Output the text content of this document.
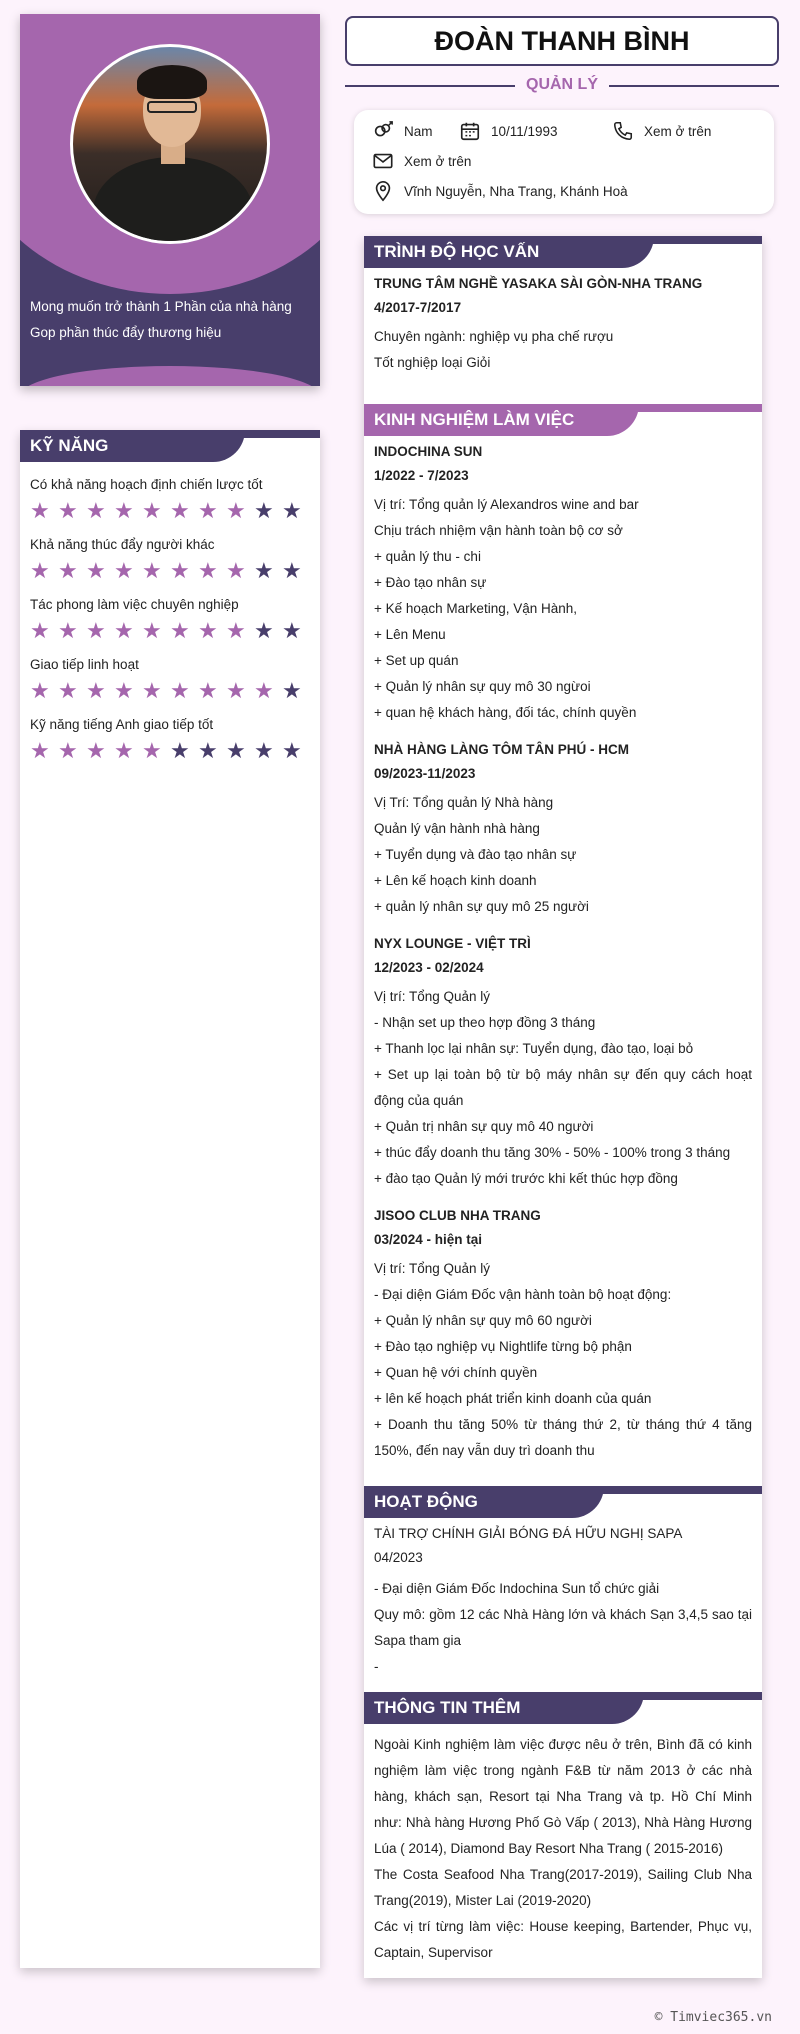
Mong muốn trở thành 1 Phần của nhà hàng
Gop phần thúc đẩy thương hiệu
KỸ NĂNG
Có khả năng hoạch định chiến lược tốt
★ ★ ★ ★ ★ ★ ★ ★ ★ ★
Khả năng thúc đẩy người khác
★ ★ ★ ★ ★ ★ ★ ★ ★ ★
Tác phong làm việc chuyên nghiệp
★ ★ ★ ★ ★ ★ ★ ★ ★ ★
Giao tiếp linh hoạt
★ ★ ★ ★ ★ ★ ★ ★ ★ ★
Kỹ năng tiếng Anh giao tiếp tốt
★ ★ ★ ★ ★ ★ ★ ★ ★ ★
ĐOÀN THANH BÌNH
QUẢN LÝ
Nam	10/11/1993	Xem ở trên
Xem ở trên
Vĩnh Nguyễn, Nha Trang, Khánh Hoà
TRÌNH ĐỘ HỌC VẤN
TRUNG TÂM NGHỀ YASAKA SÀI GÒN-NHA TRANG
4/2017-7/2017

Chuyên ngành: nghiệp vụ pha chế rượu

Tốt nghiệp loại Giỏi

KINH NGHIỆM LÀM VIỆC
INDOCHINA SUN
1/2022 - 7/2023

Vị trí: Tổng quản lý Alexandros wine and bar

Chịu trách nhiệm vận hành toàn bộ cơ sở

+ quản lý thu - chi

+ Đào tạo nhân sự

+ Kế hoạch Marketing, Vận Hành,

+ Lên Menu

+ Set up quán

+ Quản lý nhân sự quy mô 30 ngừoi

+ quan hệ khách hàng, đối tác, chính quyền

NHÀ HÀNG LÀNG TÔM TÂN PHÚ - HCM
09/2023-11/2023

Vị Trí: Tổng quản lý Nhà hàng

Quản lý vận hành nhà hàng

+ Tuyển dụng và đào tạo nhân sự

+ Lên kế hoạch kinh doanh

+ quản lý nhân sự quy mô 25 người

NYX LOUNGE - VIỆT TRÌ
12/2023 - 02/2024

Vị trí: Tổng Quản lý

- Nhận set up theo hợp đồng 3 tháng

+ Thanh lọc lại nhân sự: Tuyển dụng, đào tạo, loại bỏ

+ Set up lại toàn bộ từ bộ máy nhân sự đến quy cách hoạt động của quán

+ Quản trị nhân sự quy mô 40 người

+ thúc đẩy doanh thu tăng 30% - 50% - 100% trong 3 tháng

+ đào tạo Quản lý mới trước khi kết thúc hợp đồng

JISOO CLUB NHA TRANG
03/2024 - hiện tại

Vị trí: Tổng Quản lý

- Đại diện Giám Đốc vận hành toàn bộ hoạt động:

+ Quản lý nhân sự quy mô 60 người

+ Đào tạo nghiệp vụ Nightlife từng bộ phận

+ Quan hệ với chính quyền

+ lên kế hoạch phát triển kinh doanh của quán

+ Doanh thu tăng 50% từ tháng thứ 2, từ tháng thứ 4 tăng 150%, đến nay vẫn duy trì doanh thu

HOẠT ĐỘNG

TÀI TRỢ CHÍNH GIẢI BÓNG ĐÁ HỮU NGHỊ SAPA

04/2023

- Đại diện Giám Đốc Indochina Sun tổ chức giải

Quy mô: gồm 12 các Nhà Hàng lớn và khách Sạn 3,4,5 sao tại Sapa tham gia

-

THÔNG TIN THÊM

Ngoài Kinh nghiệm làm việc được nêu ở trên, Bình đã có kinh nghiệm làm việc trong ngành F&B từ năm 2013 ở các nhà hàng, khách sạn, Resort tại Nha Trang và tp. Hồ Chí Minh như: Nhà hàng Hương Phố Gò Vấp ( 2013), Nhà Hàng Hương Lúa ( 2014), Diamond Bay Resort Nha Trang ( 2015-2016)

The Costa Seafood Nha Trang(2017-2019), Sailing Club Nha Trang(2019), Mister Lai (2019-2020)

Các vị trí từng làm việc: House keeping, Bartender, Phục vụ, Captain, Supervisor

© Timviec365.vn
